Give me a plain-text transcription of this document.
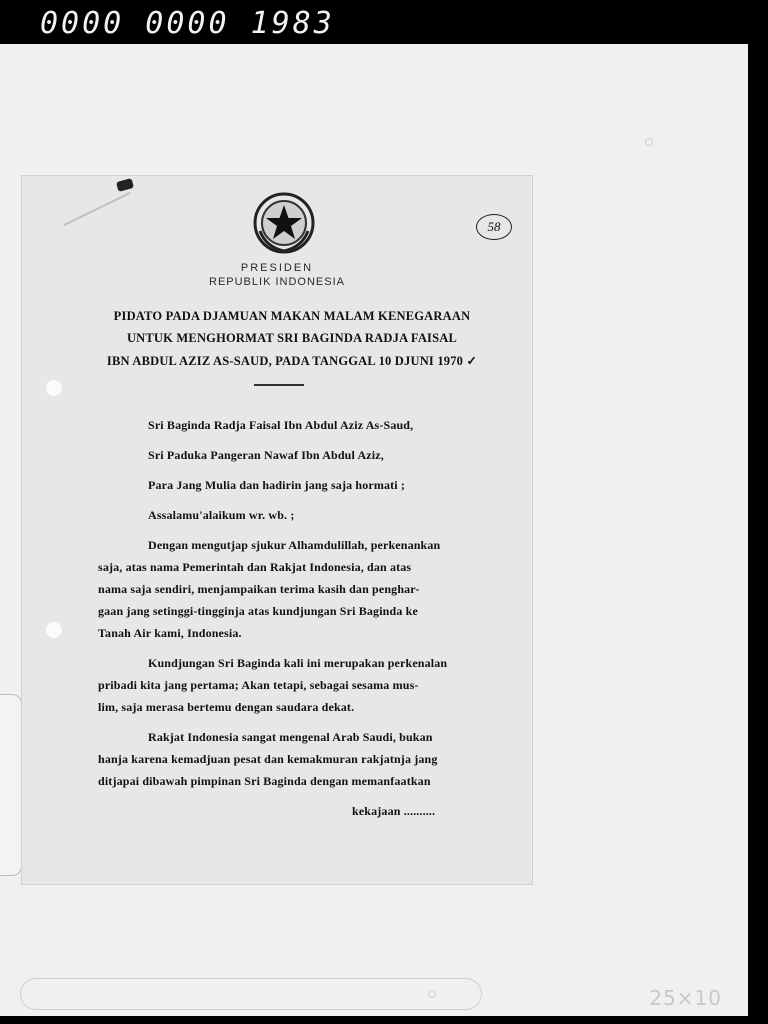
0000 0000 1983
25×10
PRESIDEN
REPUBLIK INDONESIA
58
PIDATO PADA DJAMUAN MAKAN MALAM KENEGARAAN
UNTUK MENGHORMAT SRI BAGINDA RADJA FAISAL
IBN ABDUL AZIZ AS-SAUD, PADA TANGGAL 10 DJUNI 1970 ✓
Sri Baginda Radja Faisal Ibn Abdul Aziz As-Saud,
Sri Paduka Pangeran Nawaf Ibn Abdul Aziz,
Para Jang Mulia dan hadirin jang saja hormati ;
Assalamu'alaikum wr. wb. ;
Dengan mengutjap sjukur Alhamdulillah, perkenankan
saja, atas nama Pemerintah dan Rakjat Indonesia, dan atas
nama saja sendiri, menjampaikan terima kasih dan penghar-
gaan jang setinggi-tingginja atas kundjungan Sri Baginda ke
Tanah Air kami, Indonesia.
Kundjungan Sri Baginda kali ini merupakan perkenalan
pribadi kita jang pertama; Akan tetapi, sebagai sesama mus-
lim, saja merasa bertemu dengan saudara dekat.
Rakjat Indonesia sangat mengenal Arab Saudi, bukan
hanja karena kemadjuan pesat dan kemakmuran rakjatnja jang
ditjapai dibawah pimpinan Sri Baginda dengan memanfaatkan
kekajaan ..........
